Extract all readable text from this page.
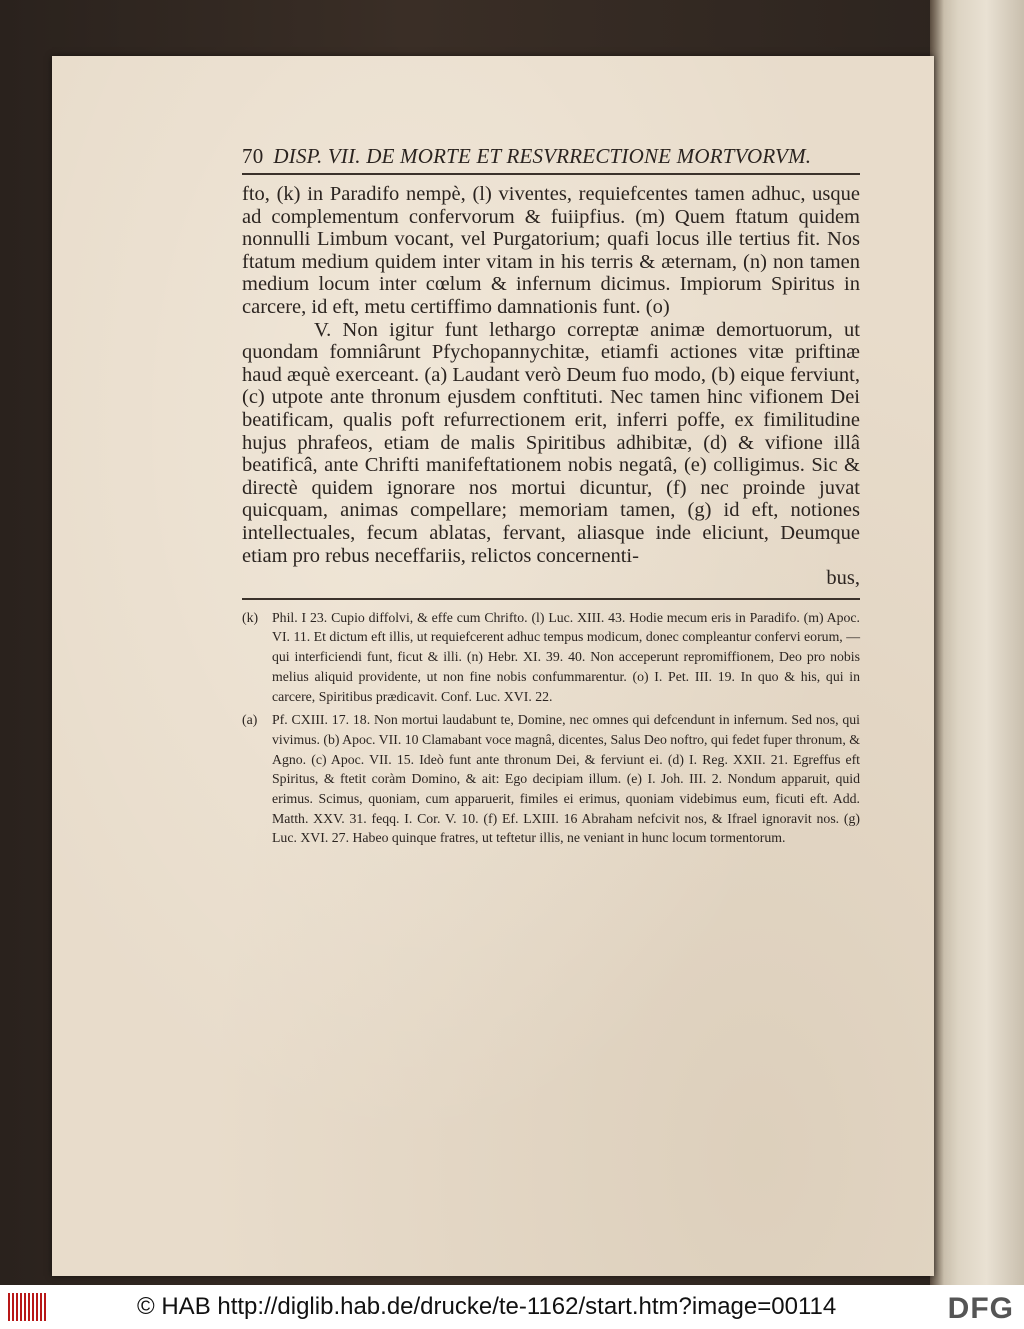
70 DISP. VII. DE MORTE ET RESVRRECTIONE MORTVORVM.

fto, (k) in Paradifo nempè, (l) viventes, requiefcentes tamen adhuc, usque ad complementum confervorum & fuiipfius. (m) Quem ftatum quidem nonnulli Limbum vocant, vel Purgatorium; quafi locus ille tertius fit. Nos ftatum medium quidem inter vitam in his terris & æternam, (n) non tamen medium locum inter cœlum & infernum dicimus. Impiorum Spiritus in carcere, id eft, metu certiffimo damnationis funt. (o)

V. Non igitur funt lethargo correptæ animæ demortuorum, ut quondam fomniârunt Pfychopannychitæ, etiamfi actiones vitæ priftinæ haud æquè exerceant. (a) Laudant verò Deum fuo modo, (b) eique ferviunt, (c) utpote ante thronum ejusdem conftituti. Nec tamen hinc vifionem Dei beatificam, qualis poft refurrectionem erit, inferri poffe, ex fimilitudine hujus phrafeos, etiam de malis Spiritibus adhibitæ, (d) & vifione illâ beatificâ, ante Chrifti manifeftationem nobis negatâ, (e) colligimus. Sic & directè quidem ignorare nos mortui dicuntur, (f) nec proinde juvat quicquam, animas compellare; memoriam tamen, (g) id eft, notiones intellectuales, fecum ablatas, fervant, aliasque inde eliciunt, Deumque etiam pro rebus neceffariis, relictos concernenti-

bus,

(k) Phil. I 23. Cupio diffolvi, & effe cum Chrifto. (l) Luc. XIII. 43. Hodie mecum eris in Paradifo. (m) Apoc. VI. 11. Et dictum eft illis, ut requiefcerent adhuc tempus modicum, donec compleantur confervi eorum, — qui interficiendi funt, ficut & illi. (n) Hebr. XI. 39. 40. Non acceperunt repromiffionem, Deo pro nobis melius aliquid providente, ut non fine nobis confummarentur. (o) I. Pet. III. 19. In quo & his, qui in carcere, Spiritibus prædicavit. Conf. Luc. XVI. 22.

(a) Pf. CXIII. 17. 18. Non mortui laudabunt te, Domine, nec omnes qui defcendunt in infernum. Sed nos, qui vivimus. (b) Apoc. VII. 10 Clamabant voce magnâ, dicentes, Salus Deo noftro, qui fedet fuper thronum, & Agno. (c) Apoc. VII. 15. Ideò funt ante thronum Dei, & ferviunt ei. (d) I. Reg. XXII. 21. Egreffus eft Spiritus, & ftetit coràm Domino, & ait: Ego decipiam illum. (e) I. Joh. III. 2. Nondum apparuit, quid erimus. Scimus, quoniam, cum apparuerit, fimiles ei erimus, quoniam videbimus eum, ficuti eft. Add. Matth. XXV. 31. feqq. I. Cor. V. 10. (f) Ef. LXIII. 16 Abraham nefcivit nos, & Ifrael ignoravit nos. (g) Luc. XVI. 27. Habeo quinque fratres, ut teftetur illis, ne veniant in hunc locum tormentorum.

© HAB http://diglib.hab.de/drucke/te-1162/start.htm?image=00114	DFG
